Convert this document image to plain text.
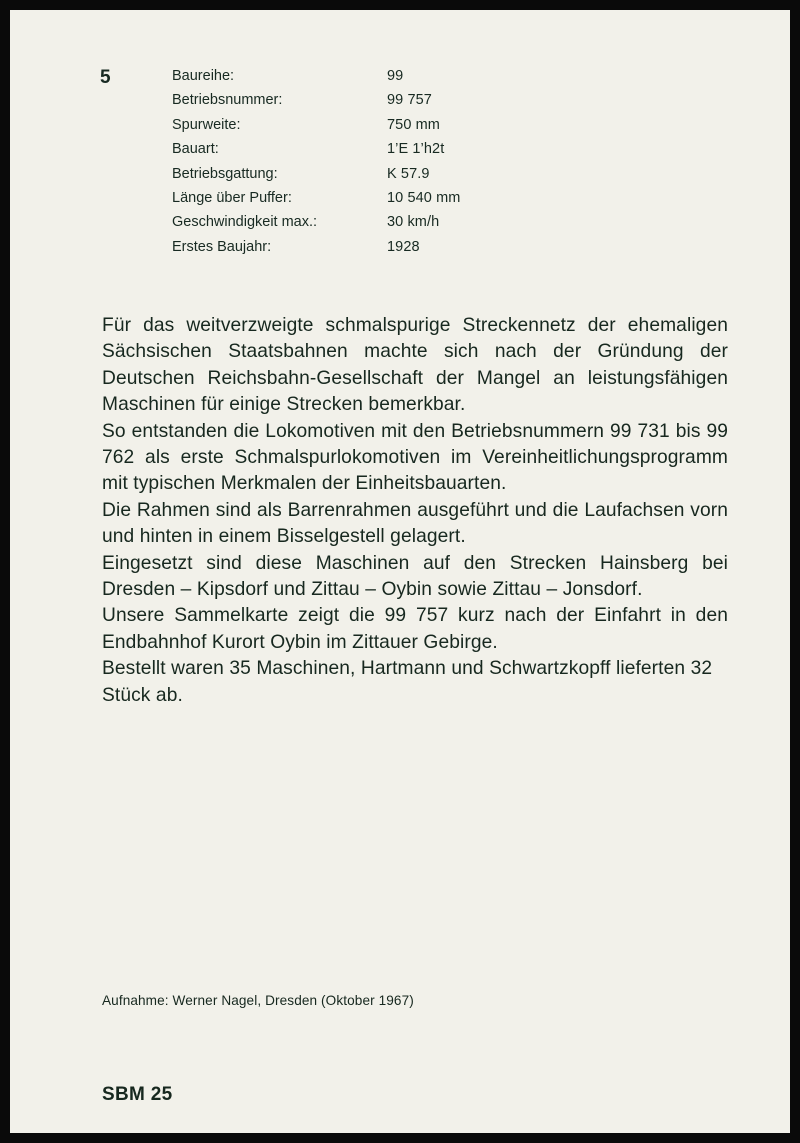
5	Baureihe:	99
Betriebsnummer:	99 757
Spurweite:	750 mm
Bauart:	1’E 1’h2t
Betriebsgattung:	K 57.9
Länge über Puffer:	10 540 mm
Geschwindigkeit max.:	30 km/h
Erstes Baujahr:	1928

Für das weitverzweigte schmalspurige Streckennetz der ehemaligen Sächsischen Staatsbahnen machte sich nach der Gründung der Deutschen Reichsbahn-Gesellschaft der Mangel an leistungsfähigen Maschinen für einige Strecken bemerkbar.

So entstanden die Lokomotiven mit den Betriebsnummern 99 731 bis 99 762 als erste Schmalspurlokomotiven im Vereinheitlichungsprogramm mit typischen Merkmalen der Einheitsbauarten.

Die Rahmen sind als Barrenrahmen ausgeführt und die Laufachsen vorn und hinten in einem Bisselgestell gelagert.

Eingesetzt sind diese Maschinen auf den Strecken Hainsberg bei Dresden – Kipsdorf und Zittau – Oybin sowie Zittau – Jonsdorf.

Unsere Sammelkarte zeigt die 99 757 kurz nach der Einfahrt in den Endbahnhof Kurort Oybin im Zittauer Gebirge.

Bestellt waren 35 Maschinen, Hartmann und Schwartzkopff lieferten 32 Stück ab.

Aufnahme: Werner Nagel, Dresden (Oktober 1967)
SBM 25
